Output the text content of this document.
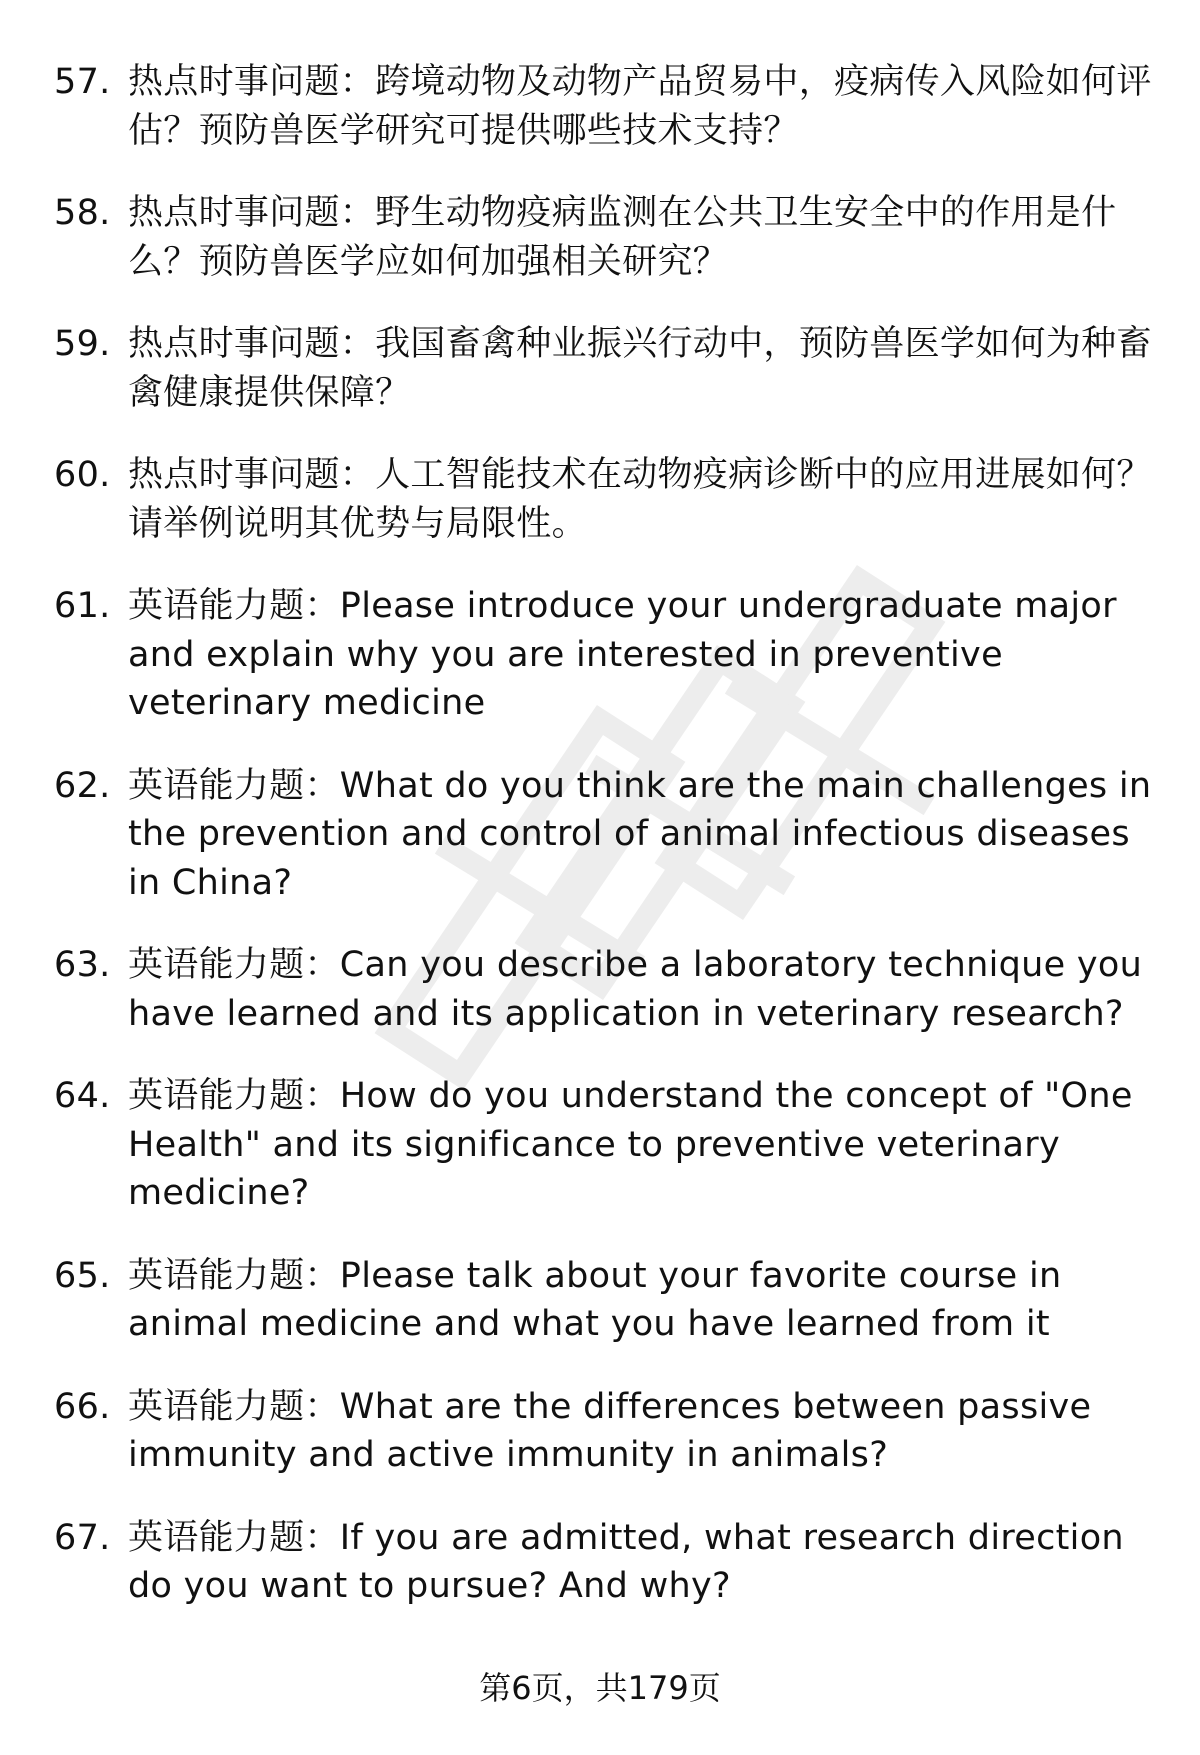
57. 热点时事问题：跨境动物及动物产品贸易中，疫病传入风险如何评估？预防兽医学研究可提供哪些技术支持？
58. 热点时事问题：野生动物疫病监测在公共卫生安全中的作用是什么？预防兽医学应如何加强相关研究？
59. 热点时事问题：我国畜禽种业振兴行动中，预防兽医学如何为种畜禽健康提供保障？
60. 热点时事问题：人工智能技术在动物疫病诊断中的应用进展如何？请举例说明其优势与局限性。
61. 英语能力题：Please introduce your undergraduate major and explain why you are interested in preventive veterinary medicine
62. 英语能力题：What do you think are the main challenges in the prevention and control of animal infectious diseases in China?
63. 英语能力题：Can you describe a laboratory technique you have learned and its application in veterinary research?
64. 英语能力题：How do you understand the concept of "One Health" and its significance to preventive veterinary medicine?
65. 英语能力题：Please talk about your favorite course in animal medicine and what you have learned from it
66. 英语能力题：What are the differences between passive immunity and active immunity in animals?
67. 英语能力题：If you are admitted, what research direction do you want to pursue? And why?
第6页，共179页
